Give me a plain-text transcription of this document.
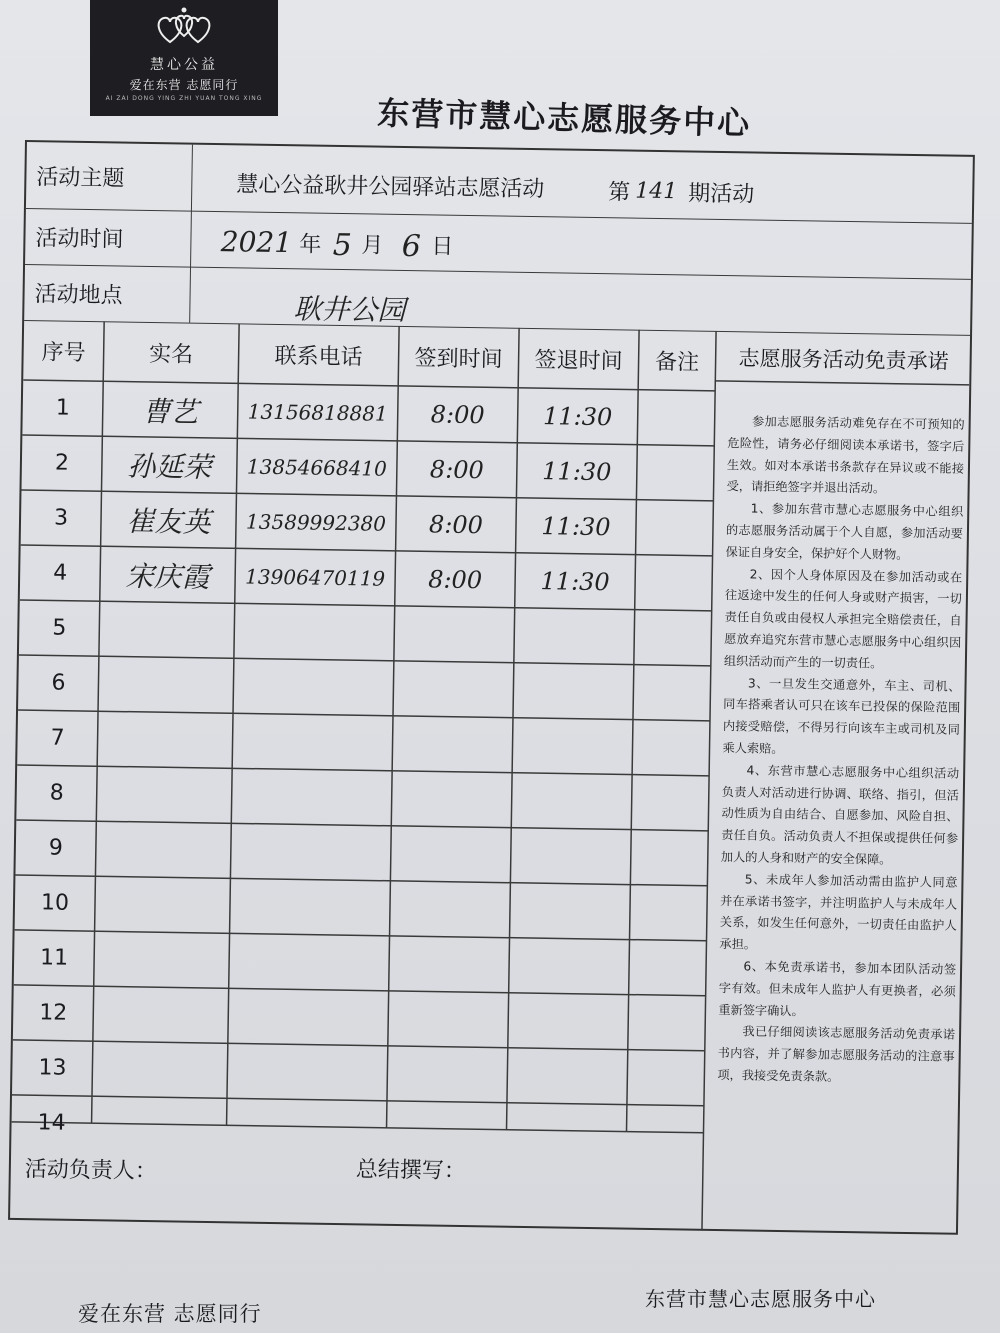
慧心公益
爱在东营 志愿同行
AI ZAI DONG YING ZHI YUAN TONG XING	东营市慧心志愿服务中心
活动主题	慧心公益耿井公园驿站志愿活动	第 141 期活动
活动时间	2021 年 5 月 6 日
活动地点	耿井公园
序号	实名	联系电话	签到时间	签退时间	备注	志愿服务活动免责承诺
1	曹艺	13156818881	8:00	11:30
2	孙延荣	13854668410	8:00	11:30
3	崔友英	13589992380	8:00	11:30
4	宋庆霞	13906470119	8:00	11:30
5
6
7
8
9
10
11
12
13
14
活动负责人：	总结撰写：

参加志愿服务活动难免存在不可预知的危险性，请务必仔细阅读本承诺书，签字后生效。如对本承诺书条款存在异议或不能接受，请拒绝签字并退出活动。

1、参加东营市慧心志愿服务中心组织的志愿服务活动属于个人自愿，参加活动要保证自身安全，保护好个人财物。

2、因个人身体原因及在参加活动或在往返途中发生的任何人身或财产损害，一切责任自负或由侵权人承担完全赔偿责任，自愿放弃追究东营市慧心志愿服务中心组织因组织活动而产生的一切责任。

3、一旦发生交通意外，车主、司机、同车搭乘者认可只在该车已投保的保险范围内接受赔偿，不得另行向该车主或司机及同乘人索赔。

4、东营市慧心志愿服务中心组织活动负责人对活动进行协调、联络、指引，但活动性质为自由结合、自愿参加、风险自担、责任自负。活动负责人不担保或提供任何参加人的人身和财产的安全保障。

5、未成年人参加活动需由监护人同意并在承诺书签字，并注明监护人与未成年人关系，如发生任何意外，一切责任由监护人承担。

6、本免责承诺书，参加本团队活动签字有效。但未成年人监护人有更换者，必须重新签字确认。

我已仔细阅读该志愿服务活动免责承诺书内容，并了解参加志愿服务活动的注意事项，我接受免责条款。

爱在东营 志愿同行
东营市慧心志愿服务中心
